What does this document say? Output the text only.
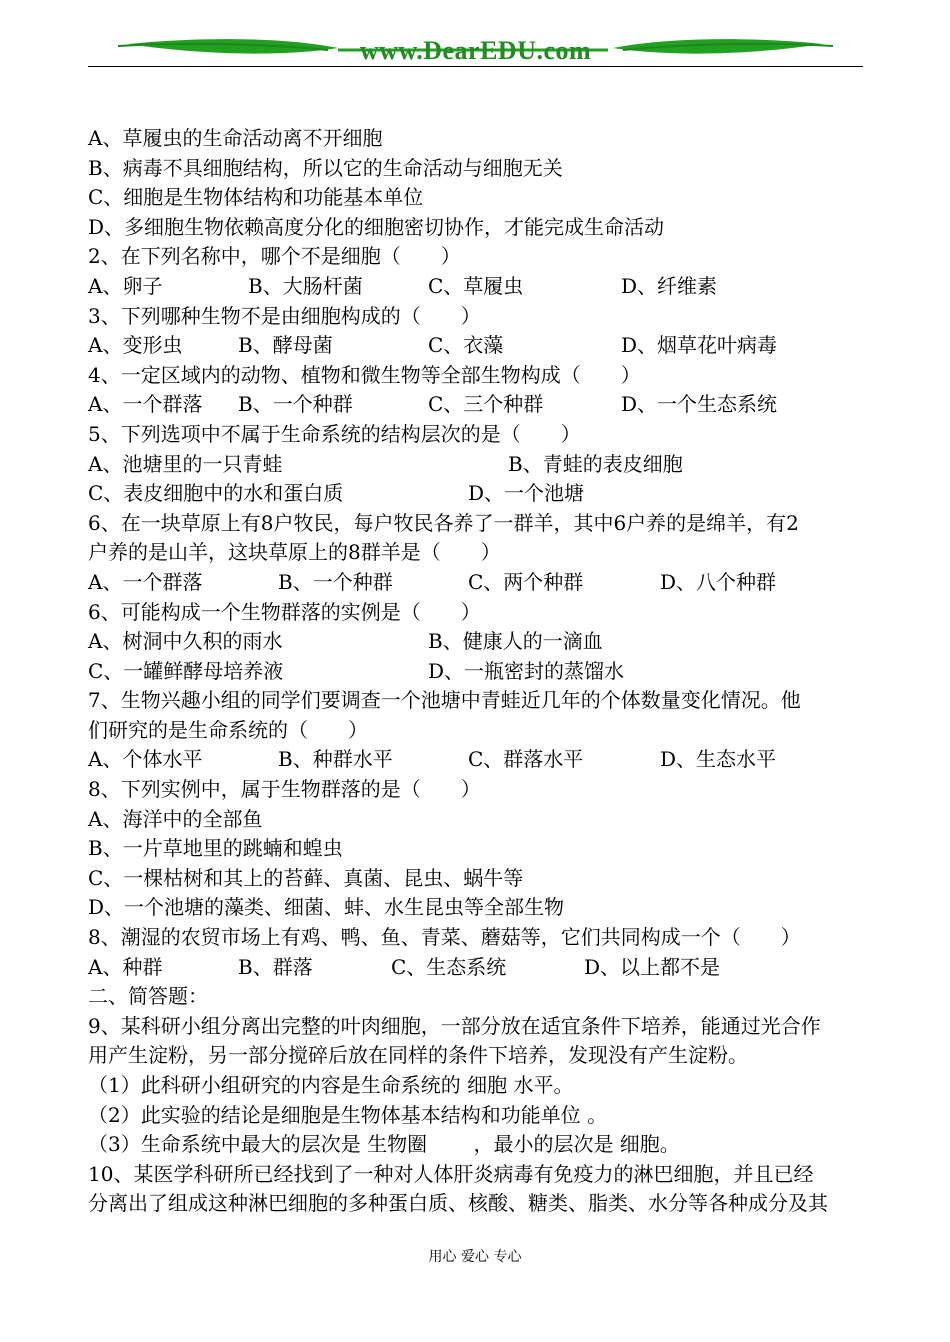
www.DearEDU.com
A、草履虫的生命活动离不开细胞
B、病毒不具细胞结构，所以它的生命活动与细胞无关
C、细胞是生物体结构和功能基本单位
D、多细胞生物依赖高度分化的细胞密切协作，才能完成生命活动
2、在下列名称中，哪个不是细胞（　　）
A、卵子	B、大肠杆菌	C、草履虫	D、纤维素
3、下列哪种生物不是由细胞构成的（　　）
A、变形虫	B、酵母菌	C、衣藻	D、烟草花叶病毒
4、一定区域内的动物、植物和微生物等全部生物构成（　　）
A、一个群落 B、一个种群	C、三个种群	D、一个生态系统
5、下列选项中不属于生命系统的结构层次的是（　　）
A、池塘里的一只青蛙	B、青蛙的表皮细胞
C、表皮细胞中的水和蛋白质	D、一个池塘
6、在一块草原上有8户牧民，每户牧民各养了一群羊，其中6户养的是绵羊，有2
户养的是山羊，这块草原上的8群羊是（　　）
A、一个群落	B、一个种群	C、两个种群	D、八个种群
6、可能构成一个生物群落的实例是（　　）
A、树洞中久积的雨水	B、健康人的一滴血
C、一罐鲜酵母培养液	D、一瓶密封的蒸馏水
7、生物兴趣小组的同学们要调查一个池塘中青蛙近几年的个体数量变化情况。他
们研究的是生命系统的（　　）
A、个体水平	B、种群水平	C、群落水平	D、生态水平
8、下列实例中，属于生物群落的是（　　）
A、海洋中的全部鱼
B、一片草地里的跳蝻和蝗虫
C、一棵枯树和其上的苔藓、真菌、昆虫、蜗牛等
D、一个池塘的藻类、细菌、蚌、水生昆虫等全部生物
8、潮湿的农贸市场上有鸡、鸭、鱼、青菜、蘑菇等，它们共同构成一个（　　）
A、种群	B、群落	C、生态系统	D、以上都不是
二、简答题：
9、某科研小组分离出完整的叶肉细胞，一部分放在适宜条件下培养，能通过光合作
用产生淀粉，另一部分搅碎后放在同样的条件下培养，发现没有产生淀粉。
（1）此科研小组研究的内容是生命系统的 细胞 水平。
（2）此实验的结论是细胞是生物体基本结构和功能单位 。
（3）生命系统中最大的层次是 生物圈　　 ，最小的层次是 细胞。
10、某医学科研所已经找到了一种对人体肝炎病毒有免疫力的淋巴细胞，并且已经
分离出了组成这种淋巴细胞的多种蛋白质、核酸、糖类、脂类、水分等各种成分及其
用心 爱心 专心
